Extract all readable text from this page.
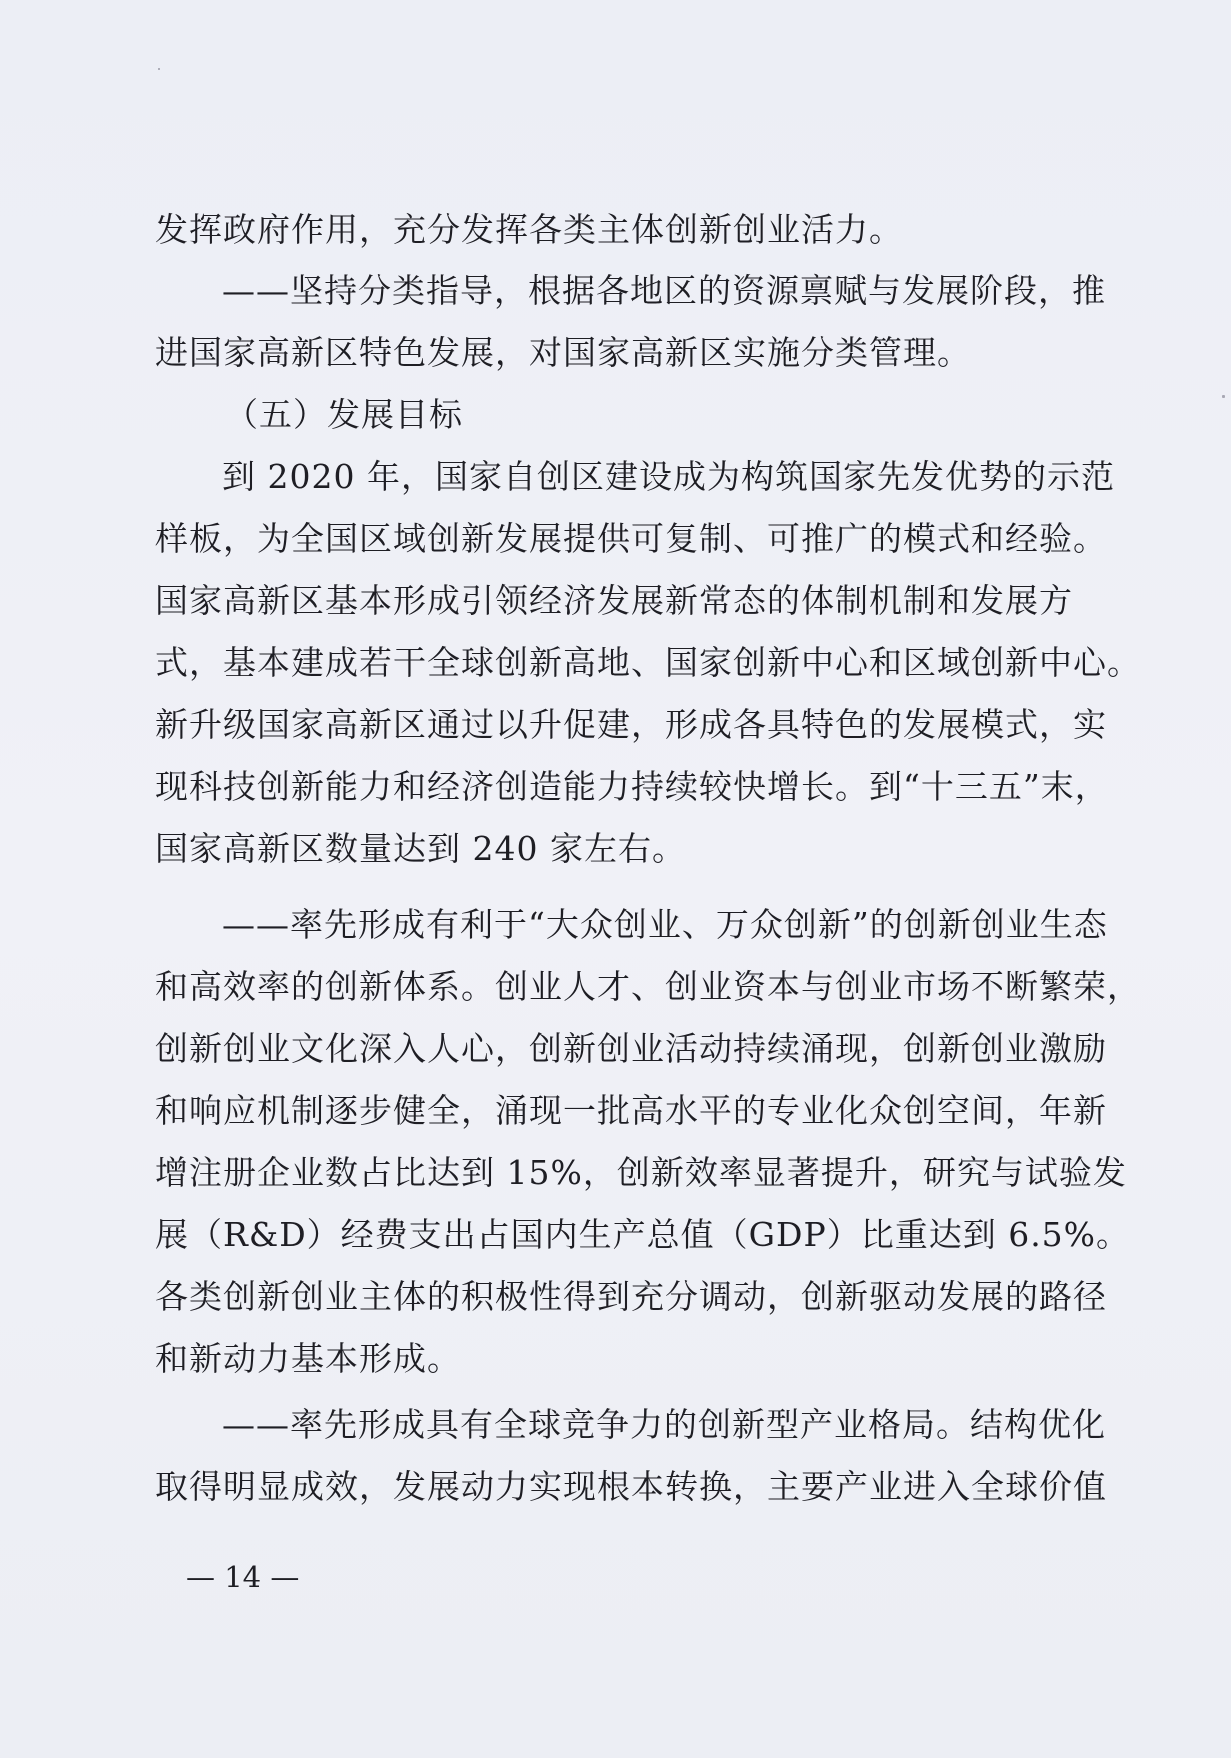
发挥政府作用，充分发挥各类主体创新创业活力。
——坚持分类指导，根据各地区的资源禀赋与发展阶段，推
进国家高新区特色发展，对国家高新区实施分类管理。
（五）发展目标
到 2020 年，国家自创区建设成为构筑国家先发优势的示范
样板，为全国区域创新发展提供可复制、可推广的模式和经验。
国家高新区基本形成引领经济发展新常态的体制机制和发展方
式，基本建成若干全球创新高地、国家创新中心和区域创新中心。
新升级国家高新区通过以升促建，形成各具特色的发展模式，实
现科技创新能力和经济创造能力持续较快增长。到“十三五”末，
国家高新区数量达到 240 家左右。
——率先形成有利于“大众创业、万众创新”的创新创业生态
和高效率的创新体系。创业人才、创业资本与创业市场不断繁荣，
创新创业文化深入人心，创新创业活动持续涌现，创新创业激励
和响应机制逐步健全，涌现一批高水平的专业化众创空间，年新
增注册企业数占比达到 15%，创新效率显著提升，研究与试验发
展（R&D）经费支出占国内生产总值（GDP）比重达到 6.5%。
各类创新创业主体的积极性得到充分调动，创新驱动发展的路径
和新动力基本形成。
——率先形成具有全球竞争力的创新型产业格局。结构优化
取得明显成效，发展动力实现根本转换，主要产业进入全球价值
— 14 —
